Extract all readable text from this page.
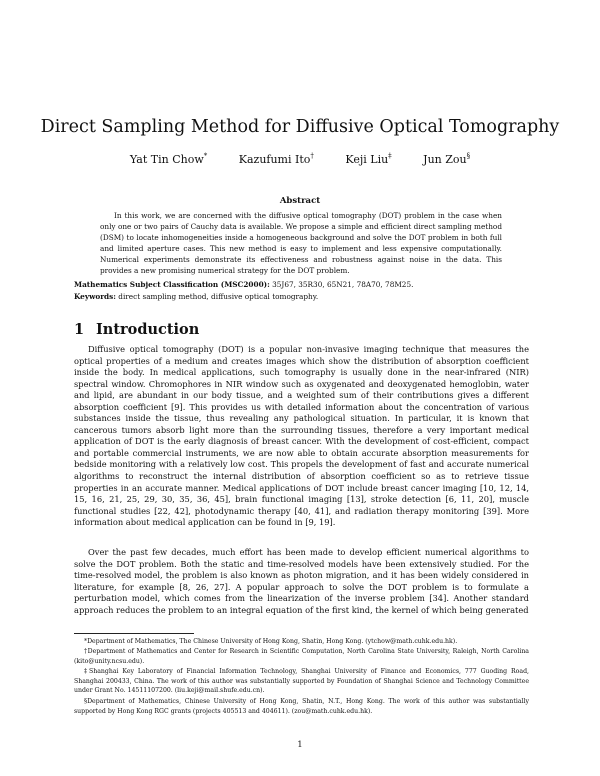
Direct Sampling Method for Diffusive Optical Tomography
Yat Tin Chow*	Kazufumi Ito†	Keji Liu‡	Jun Zou§
Abstract

In this work, we are concerned with the diffusive optical tomography (DOT) problem in the case when only one or two pairs of Cauchy data is available. We propose a simple and efficient direct sampling method (DSM) to locate inhomogeneities inside a homogeneous background and solve the DOT problem in both full and limited aperture cases. This new method is easy to implement and less expensive computationally. Numerical experiments demonstrate its effectiveness and robustness against noise in the data. This provides a new promising numerical strategy for the DOT problem.

Mathematics Subject Classification (MSC2000): 35J67, 35R30, 65N21, 78A70, 78M25.
Keywords: direct sampling method, diffusive optical tomography.
1 Introduction

Diffusive optical tomography (DOT) is a popular non-invasive imaging technique that measures the optical properties of a medium and creates images which show the distribution of absorption coefficient inside the body. In medical applications, such tomography is usually done in the near-infrared (NIR) spectral window. Chromophores in NIR window such as oxygenated and deoxygenated hemoglobin, water and lipid, are abundant in our body tissue, and a weighted sum of their contributions gives a different absorption coefficient [9]. This provides us with detailed information about the concentration of various substances inside the tissue, thus revealing any pathological situation. In particular, it is known that cancerous tumors absorb light more than the surrounding tissues, therefore a very important medical application of DOT is the early diagnosis of breast cancer. With the development of cost-efficient, compact and portable commercial instruments, we are now able to obtain accurate absorption measurements for bedside monitoring with a relatively low cost. This propels the development of fast and accurate numerical algorithms to reconstruct the internal distribution of absorption coefficient so as to retrieve tissue properties in an accurate manner. Medical applications of DOT include breast cancer imaging [10, 12, 14, 15, 16, 21, 25, 29, 30, 35, 36, 45], brain functional imaging [13], stroke detection [6, 11, 20], muscle functional studies [22, 42], photodynamic therapy [40, 41], and radiation therapy monitoring [39]. More information about medical application can be found in [9, 19].

Over the past few decades, much effort has been made to develop efficient numerical algorithms to solve the DOT problem. Both the static and time-resolved models have been extensively studied. For the time-resolved model, the problem is also known as photon migration, and it has been widely considered in literature, for example [8, 26, 27]. A popular approach to solve the DOT problem is to formulate a perturbation model, which comes from the linearization of the inverse problem [34]. Another standard approach reduces the problem to an integral equation of the first kind, the kernel of which being generated

*Department of Mathematics, The Chinese University of Hong Kong, Shatin, Hong Kong. (ytchow@math.cuhk.edu.hk).

†Department of Mathematics and Center for Research in Scientific Computation, North Carolina State University, Raleigh, North Carolina (kito@unity.ncsu.edu).

‡Shanghai Key Laboratory of Financial Information Technology, Shanghai University of Finance and Economics, 777 Guoding Road, Shanghai 200433, China. The work of this author was substantially supported by Foundation of Shanghai Science and Technology Committee under Grant No. 14511107200. (liu.keji@mail.shufe.edu.cn).

§Department of Mathematics, Chinese University of Hong Kong, Shatin, N.T., Hong Kong. The work of this author was substantially supported by Hong Kong RGC grants (projects 405513 and 404611). (zou@math.cuhk.edu.hk).

1
